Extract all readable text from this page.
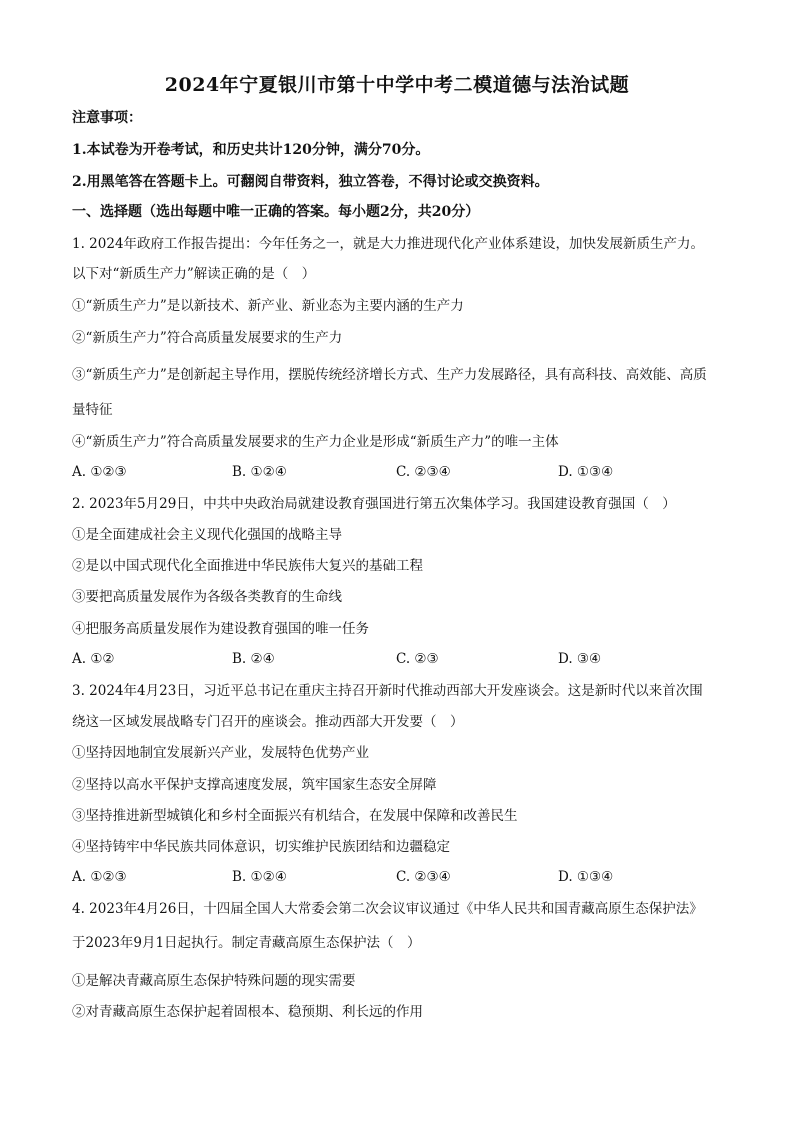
2024年宁夏银川市第十中学中考二模道德与法治试题
注意事项：
1.本试卷为开卷考试，和历史共计120分钟，满分70分。
2.用黑笔答在答题卡上。可翻阅自带资料，独立答卷，不得讨论或交换资料。
一、选择题（选出每题中唯一正确的答案。每小题2分，共20分）
1. 2024年政府工作报告提出：今年任务之一，就是大力推进现代化产业体系建设，加快发展新质生产力。
以下对“新质生产力”解读正确的是（　）
①“新质生产力”是以新技术、新产业、新业态为主要内涵的生产力
②“新质生产力”符合高质量发展要求的生产力
③“新质生产力”是创新起主导作用，摆脱传统经济增长方式、生产力发展路径，具有高科技、高效能、高质
量特征
④“新质生产力”符合高质量发展要求的生产力企业是形成“新质生产力”的唯一主体
A. ①②③	B. ①②④	C. ②③④	D. ①③④
2. 2023年5月29日，中共中央政治局就建设教育强国进行第五次集体学习。我国建设教育强国（　）
①是全面建成社会主义现代化强国的战略主导
②是以中国式现代化全面推进中华民族伟大复兴的基础工程
③要把高质量发展作为各级各类教育的生命线
④把服务高质量发展作为建设教育强国的唯一任务
A. ①②	B. ②④	C. ②③	D. ③④
3. 2024年4月23日，习近平总书记在重庆主持召开新时代推动西部大开发座谈会。这是新时代以来首次围
绕这一区域发展战略专门召开的座谈会。推动西部大开发要（　）
①坚持因地制宜发展新兴产业，发展特色优势产业
②坚持以高水平保护支撑高速度发展，筑牢国家生态安全屏障
③坚持推进新型城镇化和乡村全面振兴有机结合，在发展中保障和改善民生
④坚持铸牢中华民族共同体意识，切实维护民族团结和边疆稳定
A. ①②③	B. ①②④	C. ②③④	D. ①③④
4. 2023年4月26日，十四届全国人大常委会第二次会议审议通过《中华人民共和国青藏高原生态保护法》
于2023年9月1日起执行。制定青藏高原生态保护法（　）
①是解决青藏高原生态保护特殊问题的现实需要
②对青藏高原生态保护起着固根本、稳预期、利长远的作用
